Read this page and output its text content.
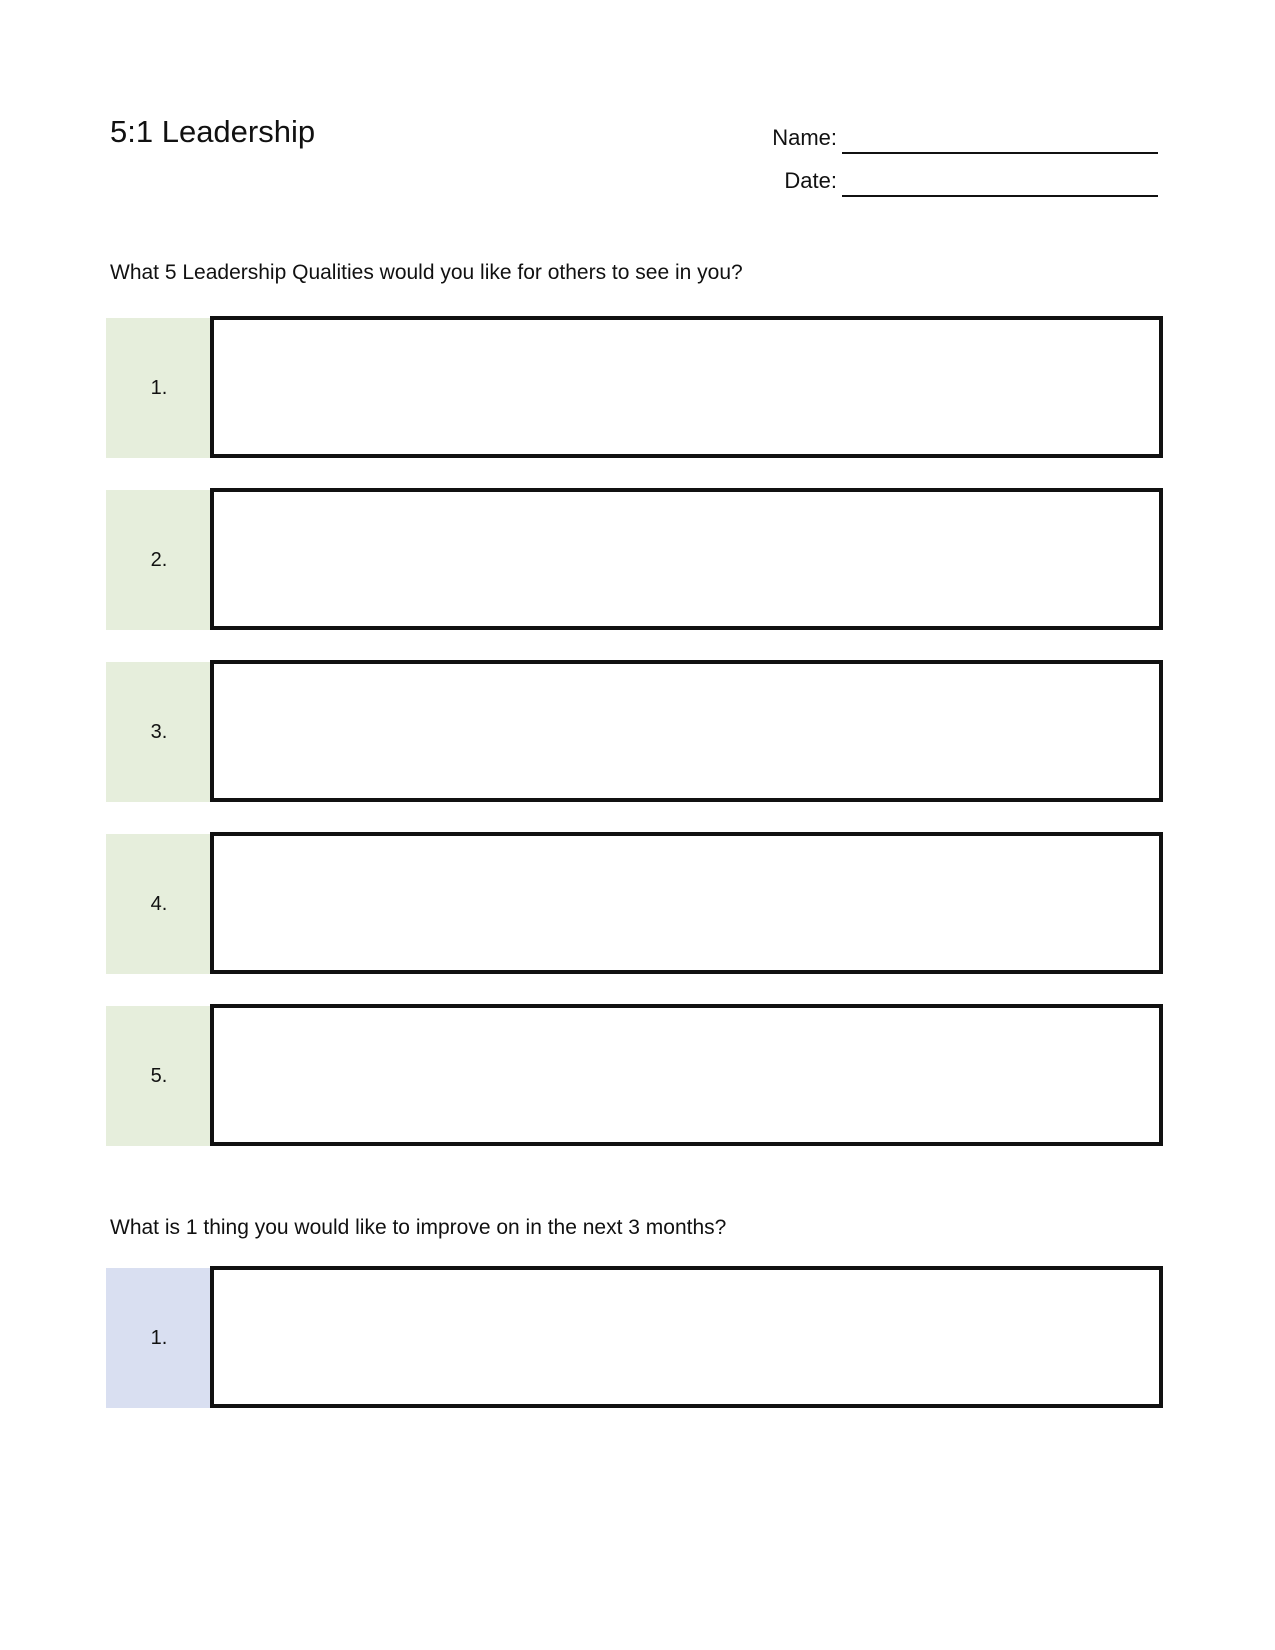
5:1 Leadership	Name:
Date:
What 5 Leadership Qualities would you like for others to see in you?
1.
2.
3.
4.
5.
What is 1 thing you would like to improve on in the next 3 months?
1.
